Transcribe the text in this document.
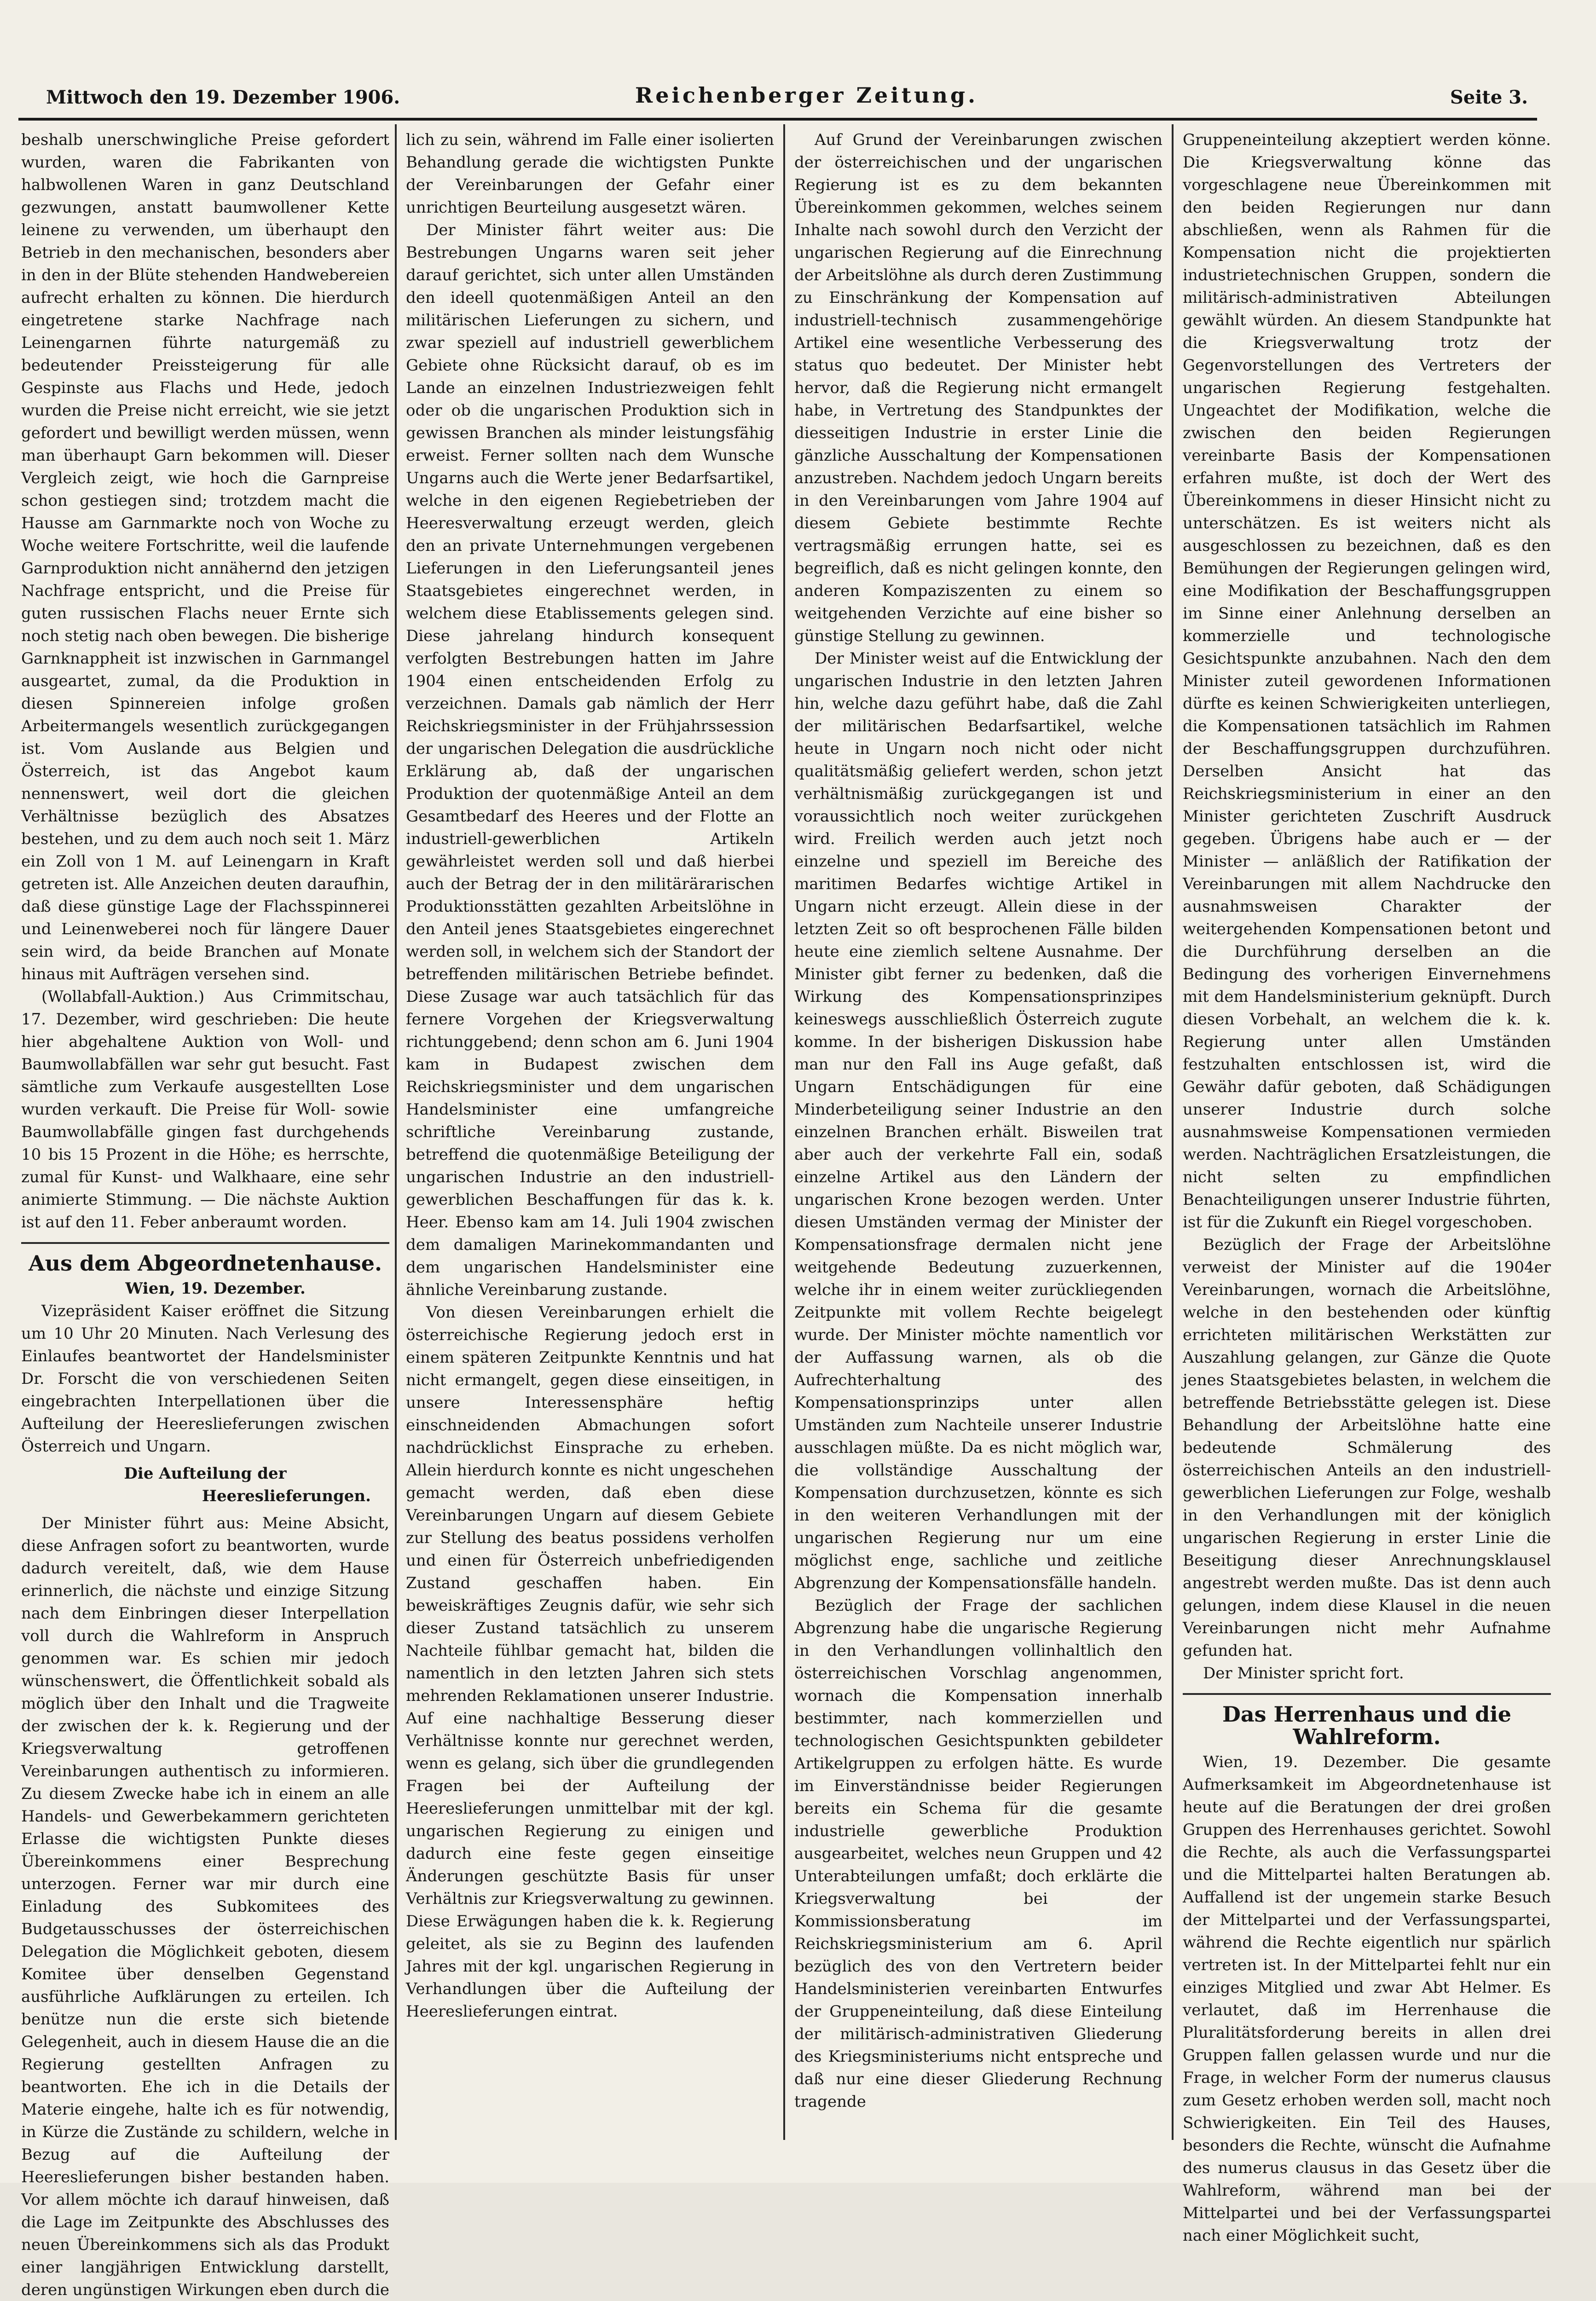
Mittwoch den 19. Dezember 1906.	Reichenberger Zeitung.	Seite 3.

beshalb unerschwingliche Preise gefordert wurden, waren die Fabrikanten von halbwollenen Waren in ganz Deutschland gezwungen, anstatt baumwollener Kette leinene zu verwenden, um überhaupt den Betrieb in den mechanischen, besonders aber in den in der Blüte stehenden Handwebereien aufrecht erhalten zu können. Die hierdurch eingetretene starke Nachfrage nach Leinengarnen führte naturgemäß zu bedeutender Preissteigerung für alle Gespinste aus Flachs und Hede, jedoch wurden die Preise nicht erreicht, wie sie jetzt gefordert und bewilligt werden müssen, wenn man überhaupt Garn bekommen will. Dieser Vergleich zeigt, wie hoch die Garnpreise schon gestiegen sind; trotzdem macht die Hausse am Garnmarkte noch von Woche zu Woche weitere Fortschritte, weil die laufende Garnproduktion nicht annähernd den jetzigen Nachfrage entspricht, und die Preise für guten russischen Flachs neuer Ernte sich noch stetig nach oben bewegen. Die bisherige Garnknappheit ist inzwischen in Garnmangel ausgeartet, zumal, da die Produktion in diesen Spinnereien infolge großen Arbeitermangels wesentlich zurückgegangen ist. Vom Auslande aus Belgien und Österreich, ist das Angebot kaum nennenswert, weil dort die gleichen Verhältnisse bezüglich des Absatzes bestehen, und zu dem auch noch seit 1. März ein Zoll von 1 M. auf Leinengarn in Kraft getreten ist. Alle Anzeichen deuten daraufhin, daß diese günstige Lage der Flachsspinnerei und Leinenweberei noch für längere Dauer sein wird, da beide Branchen auf Monate hinaus mit Aufträgen versehen sind.

(Wollabfall-Auktion.) Aus Crimmitschau, 17. Dezember, wird geschrieben: Die heute hier abgehaltene Auktion von Woll- und Baumwollabfällen war sehr gut besucht. Fast sämtliche zum Verkaufe ausgestellten Lose wurden verkauft. Die Preise für Woll- sowie Baumwollabfälle gingen fast durchgehends 10 bis 15 Prozent in die Höhe; es herrschte, zumal für Kunst- und Walkhaare, eine sehr animierte Stimmung. — Die nächste Auktion ist auf den 11. Feber anberaumt worden.

Aus dem Abgeordnetenhause.

Wien, 19. Dezember.

Vizepräsident Kaiser eröffnet die Sitzung um 10 Uhr 20 Minuten. Nach Verlesung des Einlaufes beantwortet der Handelsminister Dr. Forscht die von verschiedenen Seiten eingebrachten Interpellationen über die Aufteilung der Heereslieferungen zwischen Österreich und Ungarn.

Die Aufteilung der
Heereslieferungen.

Der Minister führt aus: Meine Absicht, diese Anfragen sofort zu beantworten, wurde dadurch vereitelt, daß, wie dem Hause erinnerlich, die nächste und einzige Sitzung nach dem Einbringen dieser Interpellation voll durch die Wahlreform in Anspruch genommen war. Es schien mir jedoch wünschenswert, die Öffentlichkeit sobald als möglich über den Inhalt und die Tragweite der zwischen der k. k. Regierung und der Kriegsverwaltung getroffenen Vereinbarungen authentisch zu informieren. Zu diesem Zwecke habe ich in einem an alle Handels- und Gewerbekammern gerichteten Erlasse die wichtigsten Punkte dieses Übereinkommens einer Besprechung unterzogen. Ferner war mir durch eine Einladung des Subkomitees des Budgetausschusses der österreichischen Delegation die Möglichkeit geboten, diesem Komitee über denselben Gegenstand ausführliche Aufklärungen zu erteilen. Ich benütze nun die erste sich bietende Gelegenheit, auch in diesem Hause die an die Regierung gestellten Anfragen zu beantworten. Ehe ich in die Details der Materie eingehe, halte ich es für notwendig, in Kürze die Zustände zu schildern, welche in Bezug auf die Aufteilung der Heereslieferungen bisher bestanden haben. Vor allem möchte ich darauf hinweisen, daß die Lage im Zeitpunkte des Abschlusses des neuen Übereinkommens sich als das Produkt einer langjährigen Entwicklung darstellt, deren ungünstigen Wirkungen eben durch die

lich zu sein, während im Falle einer isolierten Behandlung gerade die wichtigsten Punkte der Vereinbarungen der Gefahr einer unrichtigen Beurteilung ausgesetzt wären.

Der Minister fährt weiter aus: Die Bestrebungen Ungarns waren seit jeher darauf gerichtet, sich unter allen Umständen den ideell quotenmäßigen Anteil an den militärischen Lieferungen zu sichern, und zwar speziell auf industriell gewerblichem Gebiete ohne Rücksicht darauf, ob es im Lande an einzelnen Industriezweigen fehlt oder ob die ungarischen Produktion sich in gewissen Branchen als minder leistungsfähig erweist. Ferner sollten nach dem Wunsche Ungarns auch die Werte jener Bedarfsartikel, welche in den eigenen Regiebetrieben der Heeresverwaltung erzeugt werden, gleich den an private Unternehmungen vergebenen Lieferungen in den Lieferungsanteil jenes Staatsgebietes eingerechnet werden, in welchem diese Etablissements gelegen sind. Diese jahrelang hindurch konsequent verfolgten Bestrebungen hatten im Jahre 1904 einen entscheidenden Erfolg zu verzeichnen. Damals gab nämlich der Herr Reichskriegsminister in der Frühjahrssession der ungarischen Delegation die ausdrückliche Erklärung ab, daß der ungarischen Produktion der quotenmäßige Anteil an dem Gesamtbedarf des Heeres und der Flotte an industriell-gewerblichen Artikeln gewährleistet werden soll und daß hierbei auch der Betrag der in den militärärarischen Produktionsstätten gezahlten Arbeitslöhne in den Anteil jenes Staatsgebietes eingerechnet werden soll, in welchem sich der Standort der betreffenden militärischen Betriebe befindet. Diese Zusage war auch tatsächlich für das fernere Vorgehen der Kriegsverwaltung richtunggebend; denn schon am 6. Juni 1904 kam in Budapest zwischen dem Reichskriegsminister und dem ungarischen Handelsminister eine umfangreiche schriftliche Vereinbarung zustande, betreffend die quotenmäßige Beteiligung der ungarischen Industrie an den industriell-gewerblichen Beschaffungen für das k. k. Heer. Ebenso kam am 14. Juli 1904 zwischen dem damaligen Marinekommandanten und dem ungarischen Handelsminister eine ähnliche Vereinbarung zustande.

Von diesen Vereinbarungen erhielt die österreichische Regierung jedoch erst in einem späteren Zeitpunkte Kenntnis und hat nicht ermangelt, gegen diese einseitigen, in unsere Interessensphäre heftig einschneidenden Abmachungen sofort nachdrücklichst Einsprache zu erheben. Allein hierdurch konnte es nicht ungeschehen gemacht werden, daß eben diese Vereinbarungen Ungarn auf diesem Gebiete zur Stellung des beatus possidens verholfen und einen für Österreich unbefriedigenden Zustand geschaffen haben. Ein beweiskräftiges Zeugnis dafür, wie sehr sich dieser Zustand tatsächlich zu unserem Nachteile fühlbar gemacht hat, bilden die namentlich in den letzten Jahren sich stets mehrenden Reklamationen unserer Industrie. Auf eine nachhaltige Besserung dieser Verhältnisse konnte nur gerechnet werden, wenn es gelang, sich über die grundlegenden Fragen bei der Aufteilung der Heereslieferungen unmittelbar mit der kgl. ungarischen Regierung zu einigen und dadurch eine feste gegen einseitige Änderungen geschützte Basis für unser Verhältnis zur Kriegsverwaltung zu gewinnen. Diese Erwägungen haben die k. k. Regierung geleitet, als sie zu Beginn des laufenden Jahres mit der kgl. ungarischen Regierung in Verhandlungen über die Aufteilung der Heereslieferungen eintrat.

Auf Grund der Vereinbarungen zwischen der österreichischen und der ungarischen Regierung ist es zu dem bekannten Übereinkommen gekommen, welches seinem Inhalte nach sowohl durch den Verzicht der ungarischen Regierung auf die Einrechnung der Arbeitslöhne als durch deren Zustimmung zu Einschränkung der Kompensation auf industriell-technisch zusammengehörige Artikel eine wesentliche Verbesserung des status quo bedeutet. Der Minister hebt hervor, daß die Regierung nicht ermangelt habe, in Vertretung des Standpunktes der diesseitigen Industrie in erster Linie die gänzliche Ausschaltung der Kompensationen anzustreben. Nachdem jedoch Ungarn bereits in den Vereinbarungen vom Jahre 1904 auf diesem Gebiete bestimmte Rechte vertragsmäßig errungen hatte, sei es begreiflich, daß es nicht gelingen konnte, den anderen Kompaziszenten zu einem so weitgehenden Verzichte auf eine bisher so günstige Stellung zu gewinnen.

Der Minister weist auf die Entwicklung der ungarischen Industrie in den letzten Jahren hin, welche dazu geführt habe, daß die Zahl der militärischen Bedarfsartikel, welche heute in Ungarn noch nicht oder nicht qualitätsmäßig geliefert werden, schon jetzt verhältnismäßig zurückgegangen ist und voraussichtlich noch weiter zurückgehen wird. Freilich werden auch jetzt noch einzelne und speziell im Bereiche des maritimen Bedarfes wichtige Artikel in Ungarn nicht erzeugt. Allein diese in der letzten Zeit so oft besprochenen Fälle bilden heute eine ziemlich seltene Ausnahme. Der Minister gibt ferner zu bedenken, daß die Wirkung des Kompensationsprinzipes keineswegs ausschließlich Österreich zugute komme. In der bisherigen Diskussion habe man nur den Fall ins Auge gefaßt, daß Ungarn Entschädigungen für eine Minderbeteiligung seiner Industrie an den einzelnen Branchen erhält. Bisweilen trat aber auch der verkehrte Fall ein, sodaß einzelne Artikel aus den Ländern der ungarischen Krone bezogen werden. Unter diesen Umständen vermag der Minister der Kompensationsfrage dermalen nicht jene weitgehende Bedeutung zuzuerkennen, welche ihr in einem weiter zurückliegenden Zeitpunkte mit vollem Rechte beigelegt wurde. Der Minister möchte namentlich vor der Auffassung warnen, als ob die Aufrechterhaltung des Kompensationsprinzips unter allen Umständen zum Nachteile unserer Industrie ausschlagen müßte. Da es nicht möglich war, die vollständige Ausschaltung der Kompensation durchzusetzen, könnte es sich in den weiteren Verhandlungen mit der ungarischen Regierung nur um eine möglichst enge, sachliche und zeitliche Abgrenzung der Kompensationsfälle handeln.

Bezüglich der Frage der sachlichen Abgrenzung habe die ungarische Regierung in den Verhandlungen vollinhaltlich den österreichischen Vorschlag angenommen, wornach die Kompensation innerhalb bestimmter, nach kommerziellen und technologischen Gesichtspunkten gebildeter Artikelgruppen zu erfolgen hätte. Es wurde im Einverständnisse beider Regierungen bereits ein Schema für die gesamte industrielle gewerbliche Produktion ausgearbeitet, welches neun Gruppen und 42 Unterabteilungen umfaßt; doch erklärte die Kriegsverwaltung bei der Kommissionsberatung im Reichskriegsministerium am 6. April bezüglich des von den Vertretern beider Handelsministerien vereinbarten Entwurfes der Gruppeneinteilung, daß diese Einteilung der militärisch-administrativen Gliederung des Kriegsministeriums nicht entspreche und daß nur eine dieser Gliederung Rechnung tragende

Gruppeneinteilung akzeptiert werden könne. Die Kriegsverwaltung könne das vorgeschlagene neue Übereinkommen mit den beiden Regierungen nur dann abschließen, wenn als Rahmen für die Kompensation nicht die projektierten industrietechnischen Gruppen, sondern die militärisch-administrativen Abteilungen gewählt würden. An diesem Standpunkte hat die Kriegsverwaltung trotz der Gegenvorstellungen des Vertreters der ungarischen Regierung festgehalten. Ungeachtet der Modifikation, welche die zwischen den beiden Regierungen vereinbarte Basis der Kompensationen erfahren mußte, ist doch der Wert des Übereinkommens in dieser Hinsicht nicht zu unterschätzen. Es ist weiters nicht als ausgeschlossen zu bezeichnen, daß es den Bemühungen der Regierungen gelingen wird, eine Modifikation der Beschaffungsgruppen im Sinne einer Anlehnung derselben an kommerzielle und technologische Gesichtspunkte anzubahnen. Nach den dem Minister zuteil gewordenen Informationen dürfte es keinen Schwierigkeiten unterliegen, die Kompensationen tatsächlich im Rahmen der Beschaffungsgruppen durchzuführen. Derselben Ansicht hat das Reichskriegsministerium in einer an den Minister gerichteten Zuschrift Ausdruck gegeben. Übrigens habe auch er — der Minister — anläßlich der Ratifikation der Vereinbarungen mit allem Nachdrucke den ausnahmsweisen Charakter der weitergehenden Kompensationen betont und die Durchführung derselben an die Bedingung des vorherigen Einvernehmens mit dem Handelsministerium geknüpft. Durch diesen Vorbehalt, an welchem die k. k. Regierung unter allen Umständen festzuhalten entschlossen ist, wird die Gewähr dafür geboten, daß Schädigungen unserer Industrie durch solche ausnahmsweise Kompensationen vermieden werden. Nachträglichen Ersatzleistungen, die nicht selten zu empfindlichen Benachteiligungen unserer Industrie führten, ist für die Zukunft ein Riegel vorgeschoben.

Bezüglich der Frage der Arbeitslöhne verweist der Minister auf die 1904er Vereinbarungen, wornach die Arbeitslöhne, welche in den bestehenden oder künftig errichteten militärischen Werkstätten zur Auszahlung gelangen, zur Gänze die Quote jenes Staatsgebietes belasten, in welchem die betreffende Betriebsstätte gelegen ist. Diese Behandlung der Arbeitslöhne hatte eine bedeutende Schmälerung des österreichischen Anteils an den industriell-gewerblichen Lieferungen zur Folge, weshalb in den Verhandlungen mit der königlich ungarischen Regierung in erster Linie die Beseitigung dieser Anrechnungsklausel angestrebt werden mußte. Das ist denn auch gelungen, indem diese Klausel in die neuen Vereinbarungen nicht mehr Aufnahme gefunden hat.

Der Minister spricht fort.

Das Herrenhaus und die Wahlreform.

Wien, 19. Dezember. Die gesamte Aufmerksamkeit im Abgeordnetenhause ist heute auf die Beratungen der drei großen Gruppen des Herrenhauses gerichtet. Sowohl die Rechte, als auch die Verfassungspartei und die Mittelpartei halten Beratungen ab. Auffallend ist der ungemein starke Besuch der Mittelpartei und der Verfassungspartei, während die Rechte eigentlich nur spärlich vertreten ist. In der Mittelpartei fehlt nur ein einziges Mitglied und zwar Abt Helmer. Es verlautet, daß im Herrenhause die Pluralitätsforderung bereits in allen drei Gruppen fallen gelassen wurde und nur die Frage, in welcher Form der numerus clausus zum Gesetz erhoben werden soll, macht noch Schwierigkeiten. Ein Teil des Hauses, besonders die Rechte, wünscht die Aufnahme des numerus clausus in das Gesetz über die Wahlreform, während man bei der Mittelpartei und bei der Verfassungspartei nach einer Möglichkeit sucht,
